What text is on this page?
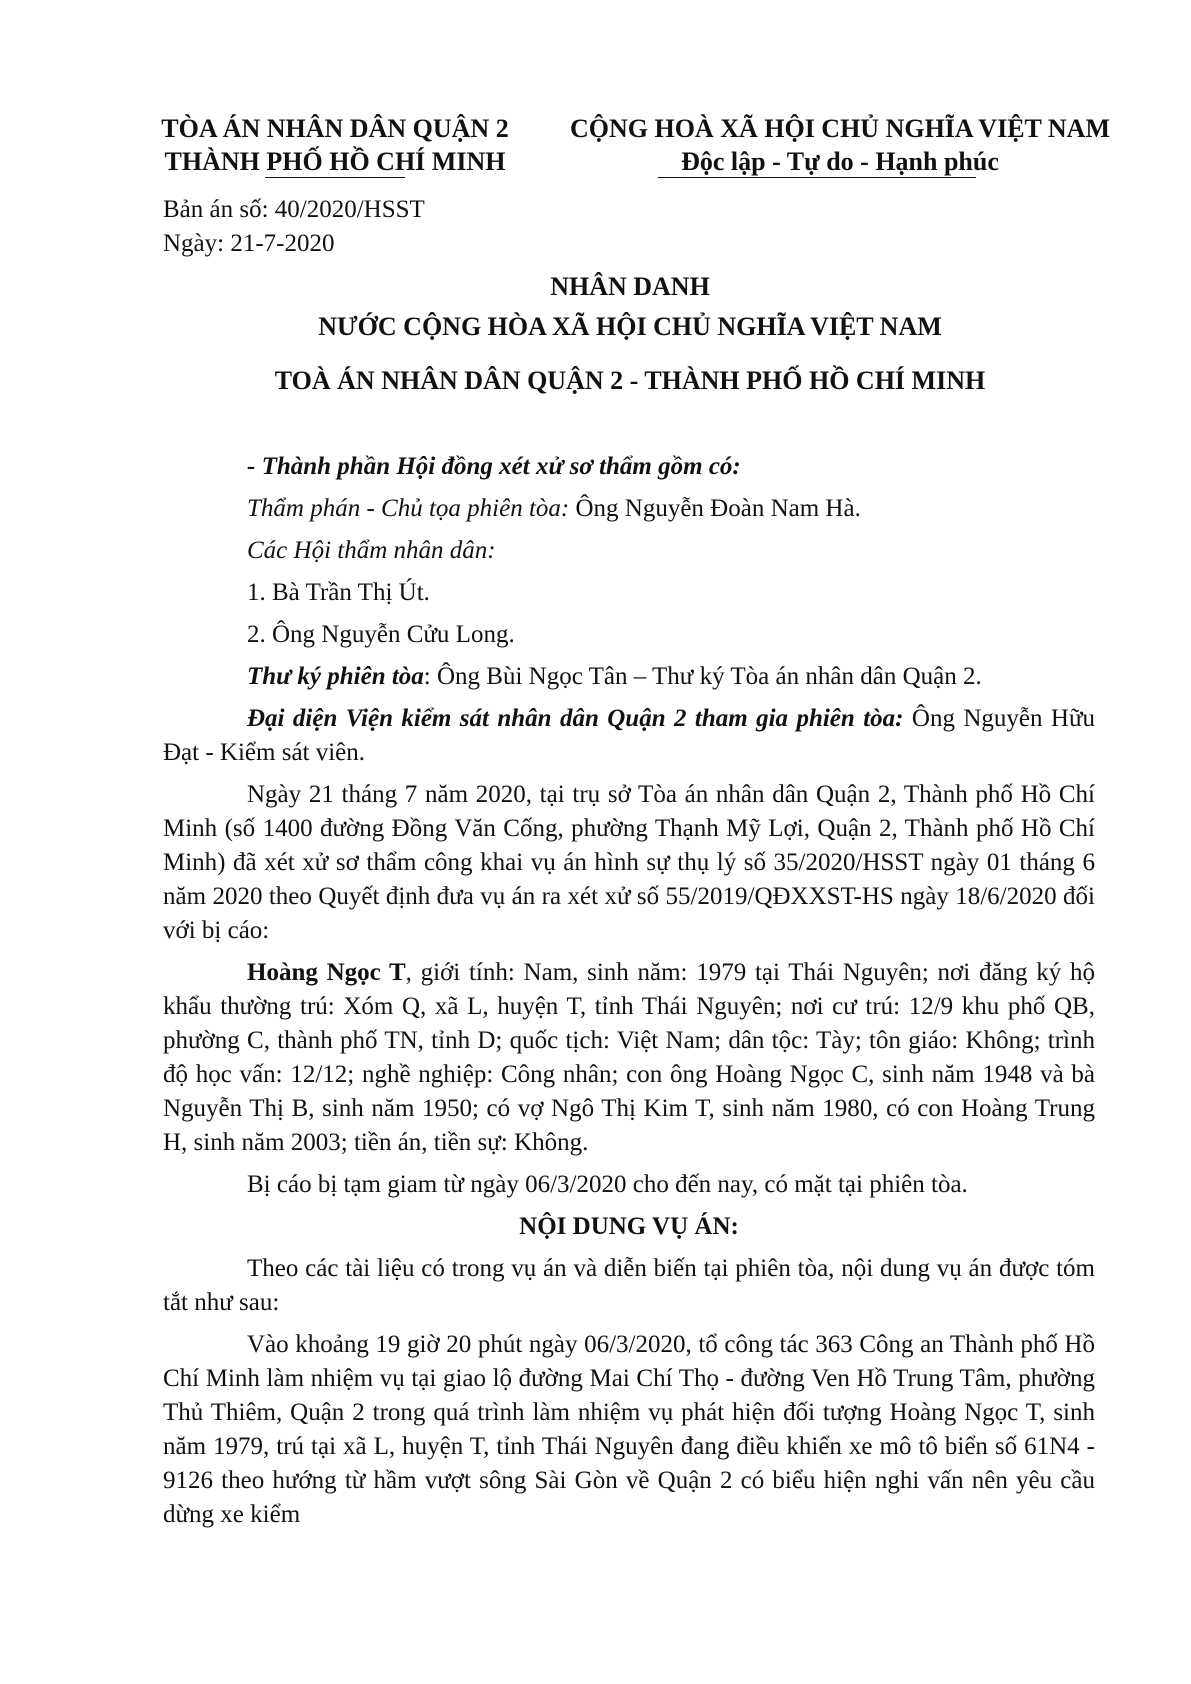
TÒA ÁN NHÂN DÂN QUẬN 2
THÀNH PHỐ HỒ CHÍ MINH
CỘNG HOÀ XÃ HỘI CHỦ NGHĨA VIỆT NAM
Độc lập - Tự do - Hạnh phúc
Bản án số: 40/2020/HSST
Ngày: 21-7-2020
NHÂN DANH
NƯỚC CỘNG HÒA XÃ HỘI CHỦ NGHĨA VIỆT NAM
TOÀ ÁN NHÂN DÂN QUẬN 2 - THÀNH PHỐ HỒ CHÍ MINH

- Thành phần Hội đồng xét xử sơ thẩm gồm có:

Thẩm phán - Chủ tọa phiên tòa: Ông Nguyễn Đoàn Nam Hà.

Các Hội thẩm nhân dân:

1. Bà Trần Thị Út.

2. Ông Nguyễn Cửu Long.

Thư ký phiên tòa: Ông Bùi Ngọc Tân – Thư ký Tòa án nhân dân Quận 2.

Đại diện Viện kiểm sát nhân dân Quận 2 tham gia phiên tòa: Ông Nguyễn Hữu Đạt - Kiểm sát viên.

Ngày 21 tháng 7 năm 2020, tại trụ sở Tòa án nhân dân Quận 2, Thành phố Hồ Chí Minh (số 1400 đường Đồng Văn Cống, phường Thạnh Mỹ Lợi, Quận 2, Thành phố Hồ Chí Minh) đã xét xử sơ thẩm công khai vụ án hình sự thụ lý số 35/2020/HSST ngày 01 tháng 6 năm 2020 theo Quyết định đưa vụ án ra xét xử số 55/2019/QĐXXST-HS ngày 18/6/2020 đối với bị cáo:

Hoàng Ngọc T, giới tính: Nam, sinh năm: 1979 tại Thái Nguyên; nơi đăng ký hộ khẩu thường trú: Xóm Q, xã L, huyện T, tỉnh Thái Nguyên; nơi cư trú: 12/9 khu phố QB, phường C, thành phố TN, tỉnh D; quốc tịch: Việt Nam; dân tộc: Tày; tôn giáo: Không; trình độ học vấn: 12/12; nghề nghiệp: Công nhân; con ông Hoàng Ngọc C, sinh năm 1948 và bà Nguyễn Thị B, sinh năm 1950; có vợ Ngô Thị Kim T, sinh năm 1980, có con Hoàng Trung H, sinh năm 2003; tiền án, tiền sự: Không.

Bị cáo bị tạm giam từ ngày 06/3/2020 cho đến nay, có mặt tại phiên tòa.

NỘI DUNG VỤ ÁN:

Theo các tài liệu có trong vụ án và diễn biến tại phiên tòa, nội dung vụ án được tóm tắt như sau:

Vào khoảng 19 giờ 20 phút ngày 06/3/2020, tổ công tác 363 Công an Thành phố Hồ Chí Minh làm nhiệm vụ tại giao lộ đường Mai Chí Thọ - đường Ven Hồ Trung Tâm, phường Thủ Thiêm, Quận 2 trong quá trình làm nhiệm vụ phát hiện đối tượng Hoàng Ngọc T, sinh năm 1979, trú tại xã L, huyện T, tỉnh Thái Nguyên đang điều khiển xe mô tô biển số 61N4 - 9126 theo hướng từ hầm vượt sông Sài Gòn về Quận 2 có biểu hiện nghi vấn nên yêu cầu dừng xe kiểm
